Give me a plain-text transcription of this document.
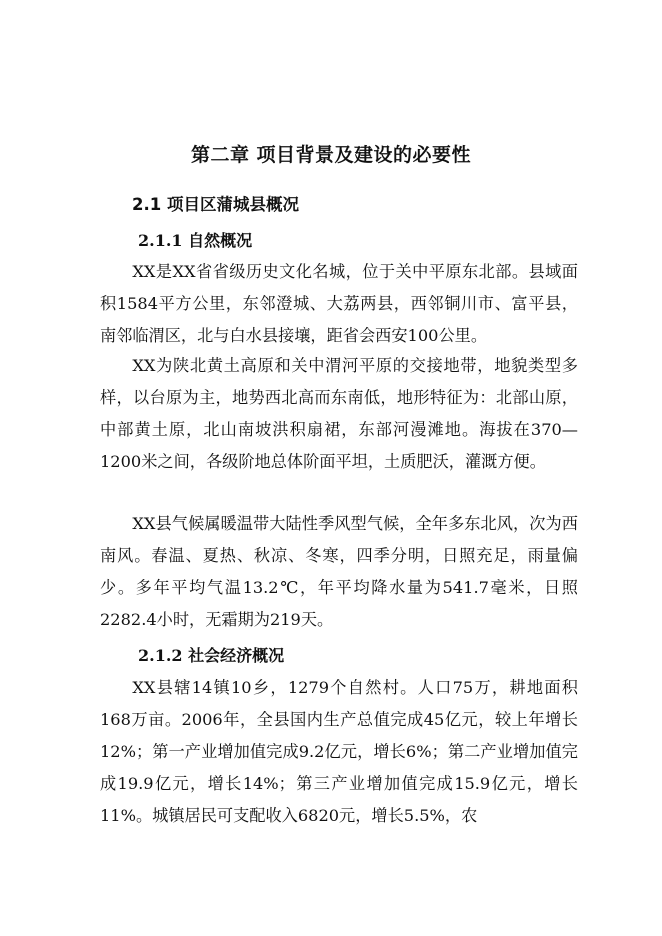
第二章 项目背景及建设的必要性
2.1 项目区蒲城县概况
2.1.1 自然概况

XX是XX省省级历史文化名城，位于关中平原东北部。县域面积1584平方公里，东邻澄城、大荔两县，西邻铜川市、富平县，南邻临渭区，北与白水县接壤，距省会西安100公里。

XX为陕北黄土高原和关中渭河平原的交接地带，地貌类型多样，以台原为主，地势西北高而东南低，地形特征为：北部山原，中部黄土原，北山南坡洪积扇裙，东部河漫滩地。海拔在370—1200米之间，各级阶地总体阶面平坦，土质肥沃，灌溉方便。

XX县气候属暖温带大陆性季风型气候，全年多东北风，次为西南风。春温、夏热、秋凉、冬寒，四季分明，日照充足，雨量偏少。多年平均气温13.2℃，年平均降水量为541.7毫米，日照2282.4小时，无霜期为219天。

2.1.2 社会经济概况

XX县辖14镇10乡，1279个自然村。人口75万，耕地面积168万亩。2006年，全县国内生产总值完成45亿元，较上年增长12%；第一产业增加值完成9.2亿元，增长6%；第二产业增加值完成19.9亿元，增长14%；第三产业增加值完成15.9亿元，增长11%。城镇居民可支配收入6820元，增长5.5%，农
